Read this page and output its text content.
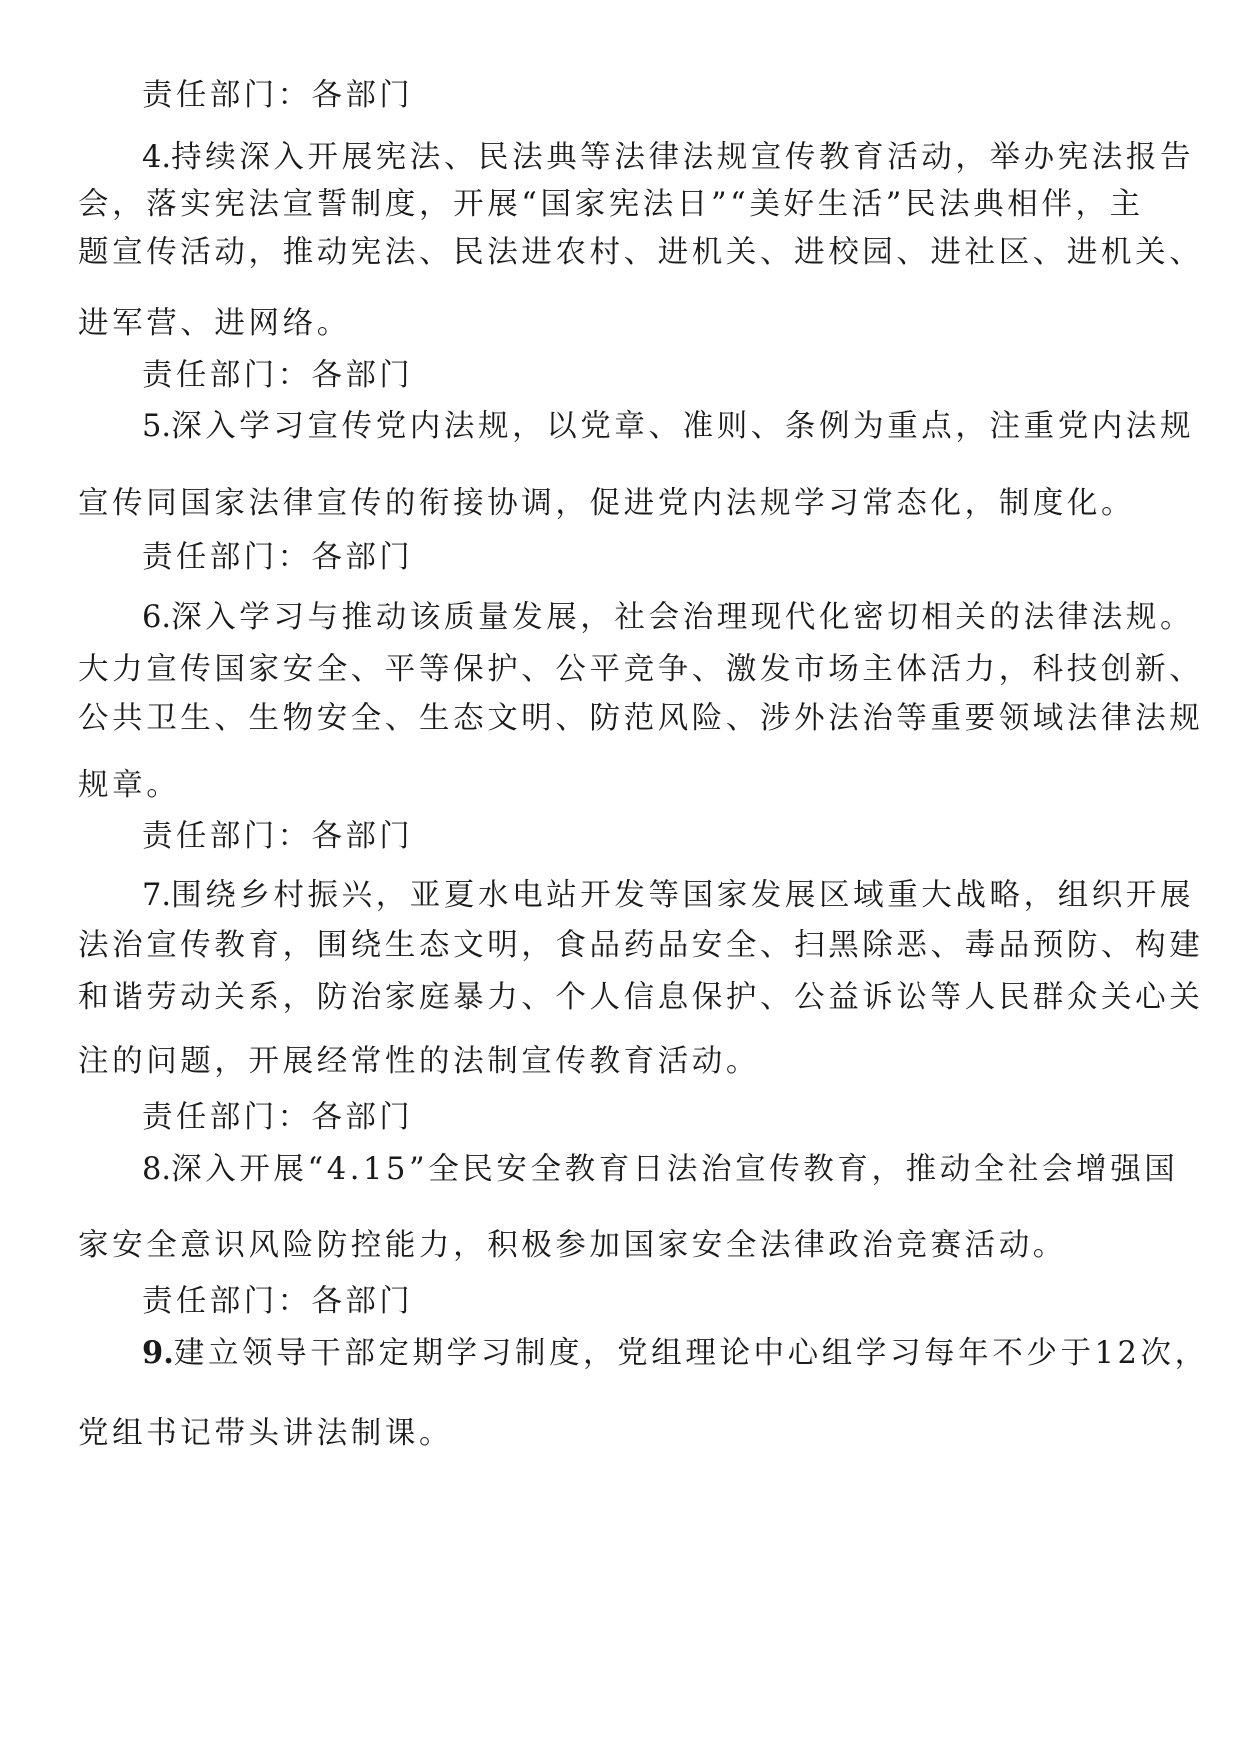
责任部门：各部门

4.持续深入开展宪法、民法典等法律法规宣传教育活动，举办宪法报告

会，落实宪法宣誓制度，开展“国家宪法日”“美好生活”民法典相伴，主

题宣传活动，推动宪法、民法进农村、进机关、进校园、进社区、进机关、

进军营、进网络。

责任部门：各部门

5.深入学习宣传党内法规，以党章、准则、条例为重点，注重党内法规

宣传同国家法律宣传的衔接协调，促进党内法规学习常态化，制度化。

责任部门：各部门

6.深入学习与推动该质量发展，社会治理现代化密切相关的法律法规。

大力宣传国家安全、平等保护、公平竞争、激发市场主体活力，科技创新、

公共卫生、生物安全、生态文明、防范风险、涉外法治等重要领域法律法规

规章。

责任部门：各部门

7.围绕乡村振兴，亚夏水电站开发等国家发展区域重大战略，组织开展

法治宣传教育，围绕生态文明，食品药品安全、扫黑除恶、毒品预防、构建

和谐劳动关系，防治家庭暴力、个人信息保护、公益诉讼等人民群众关心关

注的问题，开展经常性的法制宣传教育活动。

责任部门：各部门

8.深入开展“4.15”全民安全教育日法治宣传教育，推动全社会增强国

家安全意识风险防控能力，积极参加国家安全法律政治竞赛活动。

责任部门：各部门

9.建立领导干部定期学习制度，党组理论中心组学习每年不少于12次，

党组书记带头讲法制课。
